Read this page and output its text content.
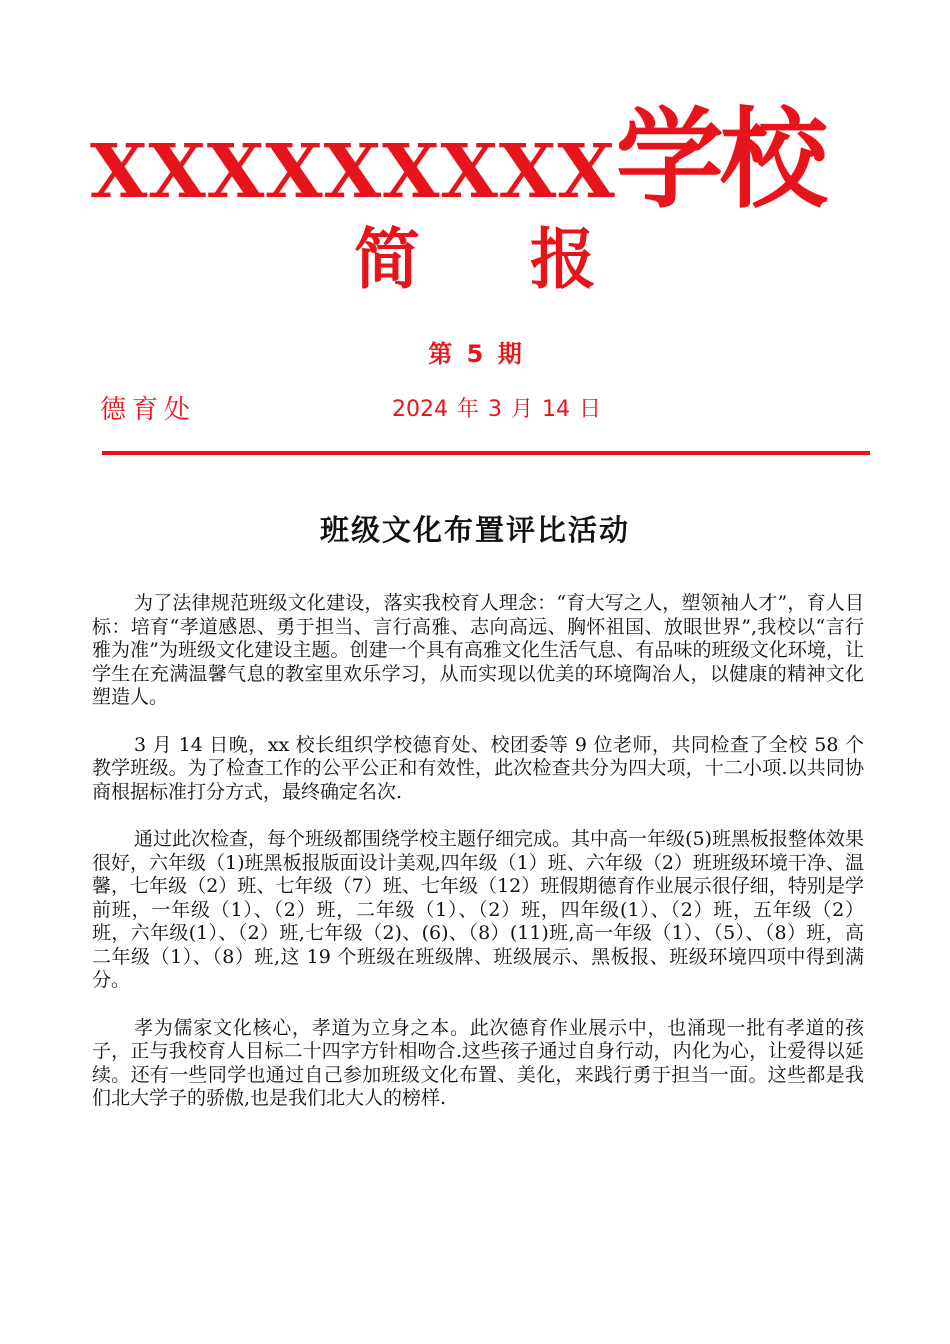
XXXXXXXXX学校
简报
第 5 期
德育处	2024 年 3 月 14 日
班级文化布置评比活动

为了法律规范班级文化建设，落实我校育人理念：“育大写之人，塑领袖人才”，育人目标：培育“孝道感恩、勇于担当、言行高雅、志向高远、胸怀祖国、放眼世界”,我校以“言行雅为准”为班级文化建设主题。创建一个具有高雅文化生活气息、有品味的班级文化环境，让学生在充满温馨气息的教室里欢乐学习，从而实现以优美的环境陶冶人，以健康的精神文化塑造人。

3 月 14 日晚，xx 校长组织学校德育处、校团委等 9 位老师，共同检查了全校 58 个教学班级。为了检查工作的公平公正和有效性，此次检查共分为四大项，十二小项.以共同协商根据标准打分方式，最终确定名次.

通过此次检查，每个班级都围绕学校主题仔细完成。其中高一年级(5)班黑板报整体效果很好，六年级（1)班黑板报版面设计美观,四年级（1）班、六年级（2）班班级环境干净、温馨，七年级（2）班、七年级（7）班、七年级（12）班假期德育作业展示很仔细，特别是学前班，一年级（1）、（2）班，二年级（1）、（2）班，四年级(1）、（2）班，五年级（2）班，六年级(1）、（2）班,七年级（2)、(6)、（8）(11)班,高一年级（1）、（5）、（8）班，高二年级（1）、（8）班,这 19 个班级在班级牌、班级展示、黑板报、班级环境四项中得到满分。

孝为儒家文化核心，孝道为立身之本。此次德育作业展示中，也涌现一批有孝道的孩子，正与我校育人目标二十四字方针相吻合.这些孩子通过自身行动，内化为心，让爱得以延续。还有一些同学也通过自己参加班级文化布置、美化，来践行勇于担当一面。这些都是我们北大学子的骄傲,也是我们北大人的榜样.
